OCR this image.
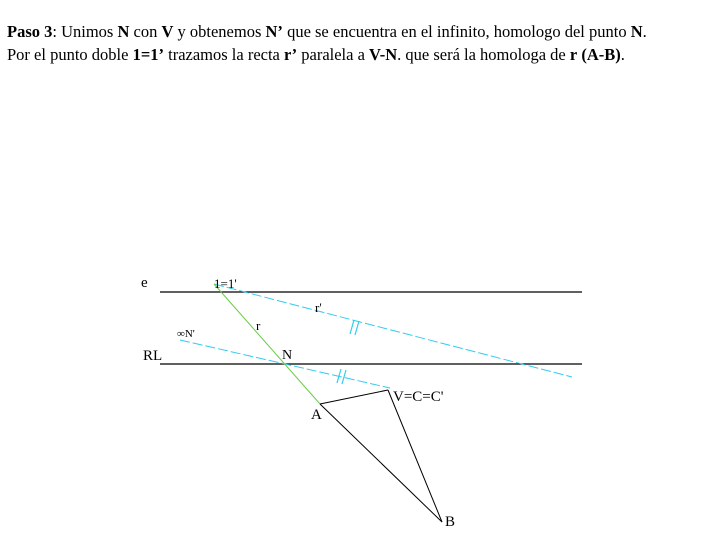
Paso 3: Unimos N con V y obtenemos N’ que se encuentra en el infinito, homologo del punto N.

Por el punto doble 1=1’ trazamos la recta r’ paralela a V-N. que será la homologa de r (A-B).

e
RL
1=1'
r'
r
∞N'
N
V=C=C'
A
B
